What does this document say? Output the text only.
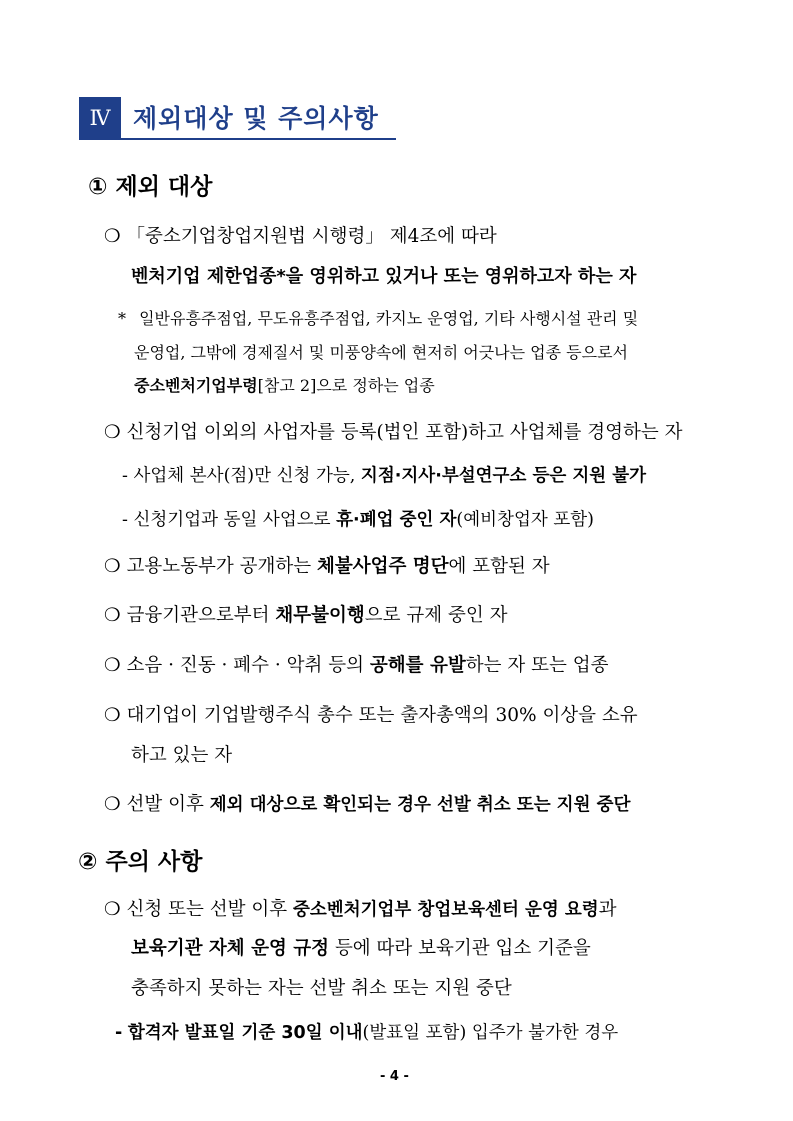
Ⅳ 제외대상 및 주의사항
① 제외 대상
❍ 「중소기업창업지원법 시행령」 제4조에 따라
벤처기업 제한업종*을 영위하고 있거나 또는 영위하고자 하는 자
* 일반유흥주점업, 무도유흥주점업, 카지노 운영업, 기타 사행시설 관리 및
운영업, 그밖에 경제질서 및 미풍양속에 현저히 어긋나는 업종 등으로서
중소벤처기업부령[참고 2]으로 정하는 업종
❍ 신청기업 이외의 사업자를 등록(법인 포함)하고 사업체를 경영하는 자
- 사업체 본사(점)만 신청 가능, 지점·지사·부설연구소 등은 지원 불가
- 신청기업과 동일 사업으로 휴·폐업 중인 자(예비창업자 포함)
❍ 고용노동부가 공개하는 체불사업주 명단에 포함된 자
❍ 금융기관으로부터 채무불이행으로 규제 중인 자
❍ 소음 · 진동 · 폐수 · 악취 등의 공해를 유발하는 자 또는 업종
❍ 대기업이 기업발행주식 총수 또는 출자총액의 30% 이상을 소유
하고 있는 자
❍ 선발 이후 제외 대상으로 확인되는 경우 선발 취소 또는 지원 중단
② 주의 사항
❍ 신청 또는 선발 이후 중소벤처기업부 창업보육센터 운영 요령과
보육기관 자체 운영 규정 등에 따라 보육기관 입소 기준을
충족하지 못하는 자는 선발 취소 또는 지원 중단
- 합격자 발표일 기준 30일 이내(발표일 포함) 입주가 불가한 경우
- 4 -
